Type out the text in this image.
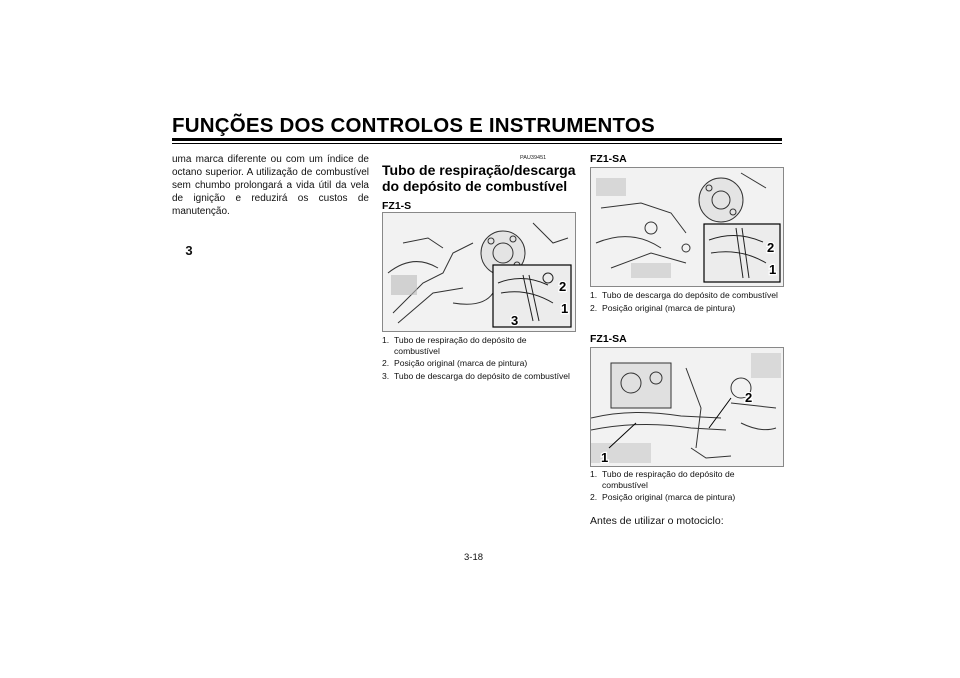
FUNÇÕES DOS CONTROLOS E INSTRUMENTOS
3
uma marca diferente ou com um índice de octano superior. A utilização de combustível sem chumbo prolongará a vida útil da vela de ignição e reduzirá os custos de manutenção.
PAU39451
Tubo de respiração/descarga do depósito de combustível
FZ1-S
2
1
3
1. Tubo de respiração do depósito de combustível
2. Posição original (marca de pintura)
3. Tubo de descarga do depósito de combustível
FZ1-SA
2
1
1. Tubo de descarga do depósito de combustível
2. Posição original (marca de pintura)
FZ1-SA
2
1
1. Tubo de respiração do depósito de combustível
2. Posição original (marca de pintura)
Antes de utilizar o motociclo:
3-18
